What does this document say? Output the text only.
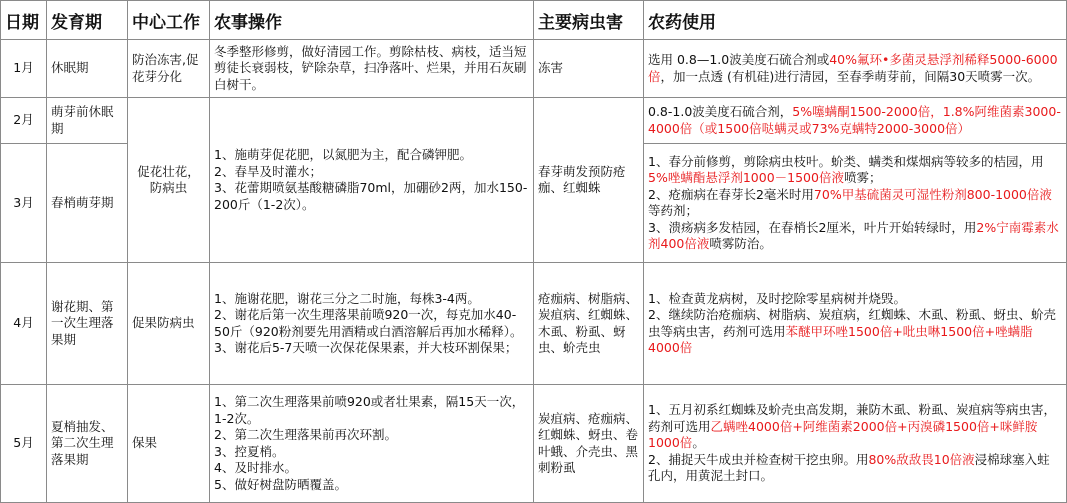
日期	发育期	中心工作	农事操作	主要病虫害	农药使用
1月	休眠期	防治冻害,促花芽分化	冬季整形修剪，做好清园工作。剪除枯枝、病枝，适当短剪徒长衰弱枝，铲除杂草，扫净落叶、烂果，并用石灰刷白树干。	冻害	选用 0.8—1.0波美度石硫合剂或40%氟环•多菌灵悬浮剂稀释5000-6000倍，加一点透 (有机硅)进行清园，至春季萌芽前，间隔30天喷雾一次。
2月	萌芽前休眠期	促花壮花，防病虫	1、施萌芽促花肥，以氮肥为主，配合磷钾肥。
2、春旱及时灌水；
3、花蕾期喷氨基酸糖磷脂70ml，加硼砂2两，加水150-200斤（1-2次）。	春芽萌发预防疮痂、红蜘蛛	0.8-1.0波美度石硫合剂，5%噻螨酮1500-2000倍，1.8%阿维菌素3000-4000倍（或1500倍哒螨灵或73%克螨特2000-3000倍）
3月	春梢萌芽期				1、春分前修剪，剪除病虫枝叶。蚧类、螨类和煤烟病等较多的桔园，用5%唑螨酯悬浮剂1000－1500倍液喷雾；
2、疮痂病在春芽长2毫米时用70%甲基硫菌灵可湿性粉剂800-1000倍液等药剂；
3、溃疡病多发桔园，在春梢长2厘米，叶片开始转绿时，用2%宁南霉素水剂400倍液喷雾防治。

4月	谢花期、第一次生理落果期	促果防病虫	1、施谢花肥，谢花三分之二时施，每株3-4两。
2、谢花后第一次生理落果前喷920一次，每克加水40-50斤（920粉剂要先用酒精或白酒溶解后再加水稀释）。
3、谢花后5-7天喷一次保花保果素，并大枝环割保果；	疮痂病、树脂病、炭疽病、红蜘蛛、木虱、粉虱、蚜虫、蚧壳虫	1、检查黄龙病树，及时挖除零星病树并烧毁。
2、继续防治疮痂病、树脂病、炭疽病，红蜘蛛、木虱、粉虱、蚜虫、蚧壳虫等病虫害，药剂可选用苯醚甲环唑1500倍+吡虫啉1500倍+唑螨脂4000倍

5月	夏梢抽发、第二次生理落果期	保果	1、第二次生理落果前喷920或者壮果素，隔15天一次，1-2次。
2、第二次生理落果前再次环割。
3、控夏梢。
4、及时排水。
5、做好树盘防晒覆盖。	炭疽病、疮痂病、红蜘蛛、蚜虫、卷叶蛾、介壳虫、黑刺粉虱	1、五月初系红蜘蛛及蚧壳虫高发期，兼防木虱、粉虱、炭疽病等病虫害，药剂可选用乙螨唑4000倍+阿维菌素2000倍+丙溴磷1500倍+咪鲜胺1000倍。
2、捕捉天牛成虫并检查树干挖虫卵。用80%敌敌畏10倍液浸棉球塞入蛀孔内，用黄泥土封口。
